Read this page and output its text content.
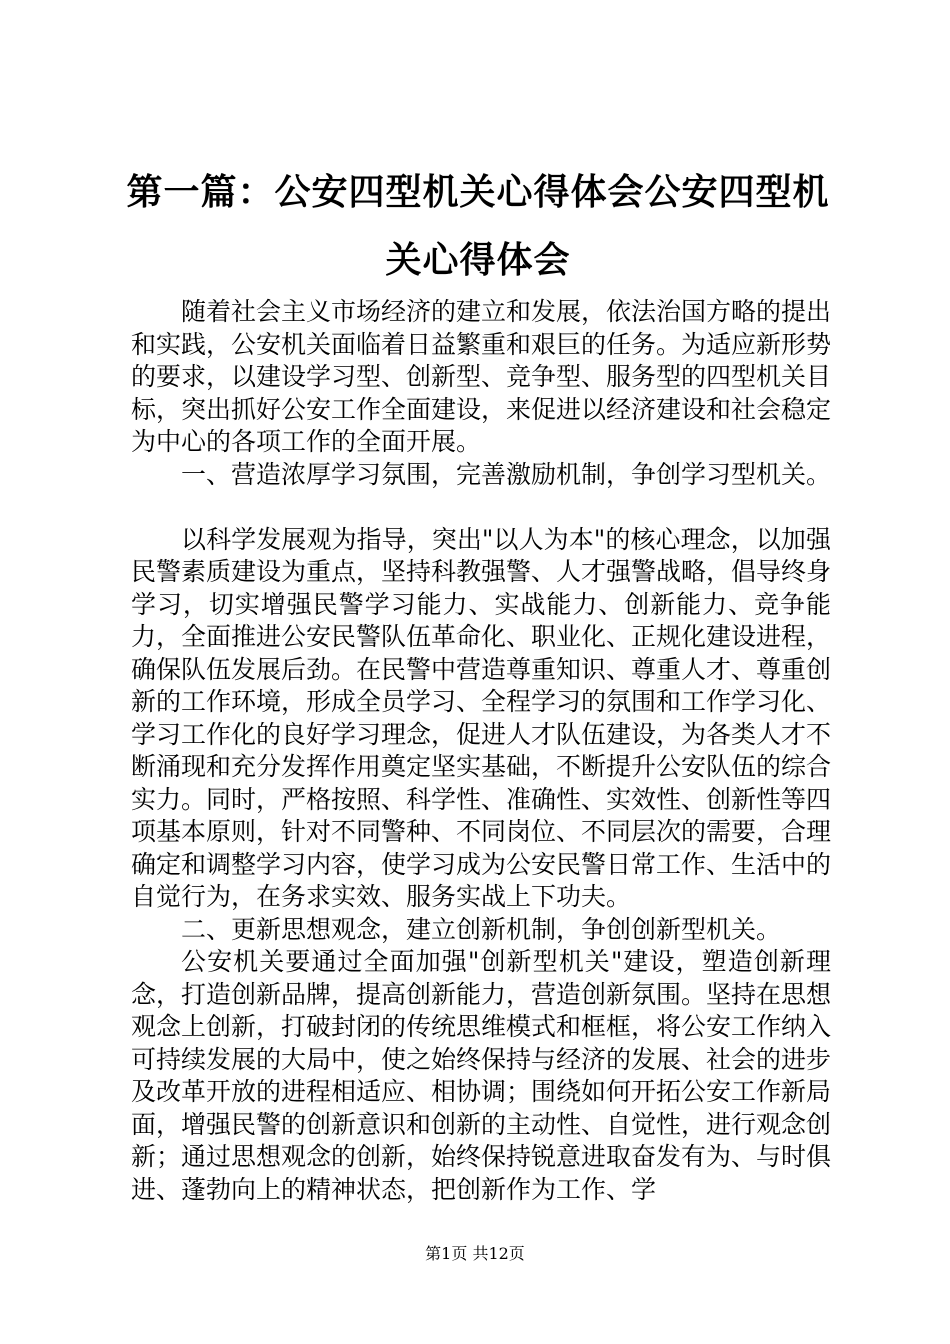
第一篇：公安四型机关心得体会公安四型机关心得体会

随着社会主义市场经济的建立和发展，依法治国方略的提出和实践，公安机关面临着日益繁重和艰巨的任务。为适应新形势的要求，以建设学习型、创新型、竞争型、服务型的四型机关目标，突出抓好公安工作全面建设，来促进以经济建设和社会稳定为中心的各项工作的全面开展。

一、营造浓厚学习氛围，完善激励机制，争创学习型机关。

以科学发展观为指导，突出"以人为本"的核心理念，以加强民警素质建设为重点，坚持科教强警、人才强警战略，倡导终身学习，切实增强民警学习能力、实战能力、创新能力、竞争能力，全面推进公安民警队伍革命化、职业化、正规化建设进程，确保队伍发展后劲。在民警中营造尊重知识、尊重人才、尊重创新的工作环境，形成全员学习、全程学习的氛围和工作学习化、学习工作化的良好学习理念，促进人才队伍建设，为各类人才不断涌现和充分发挥作用奠定坚实基础，不断提升公安队伍的综合实力。同时，严格按照、科学性、准确性、实效性、创新性等四项基本原则，针对不同警种、不同岗位、不同层次的需要，合理确定和调整学习内容，使学习成为公安民警日常工作、生活中的自觉行为，在务求实效、服务实战上下功夫。

二、更新思想观念，建立创新机制，争创创新型机关。

公安机关要通过全面加强"创新型机关"建设，塑造创新理念，打造创新品牌，提高创新能力，营造创新氛围。坚持在思想观念上创新，打破封闭的传统思维模式和框框，将公安工作纳入可持续发展的大局中，使之始终保持与经济的发展、社会的进步及改革开放的进程相适应、相协调；围绕如何开拓公安工作新局面，增强民警的创新意识和创新的主动性、自觉性，进行观念创新；通过思想观念的创新，始终保持锐意进取奋发有为、与时俱进、蓬勃向上的精神状态，把创新作为工作、学

第1页 共12页
